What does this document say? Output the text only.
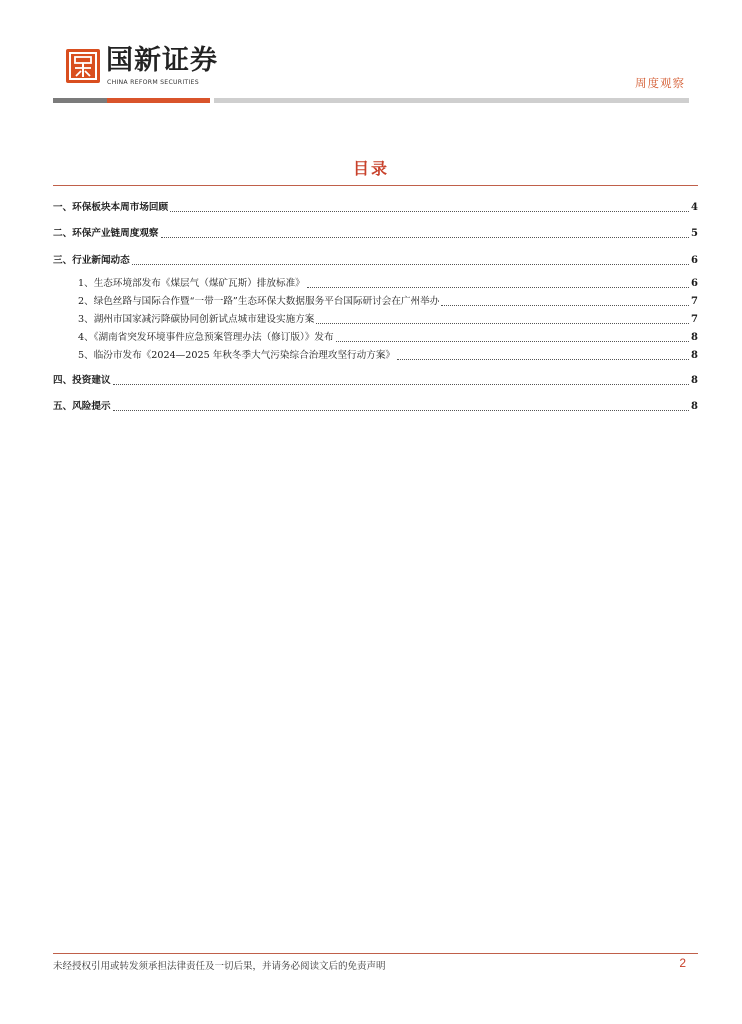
国新证券
CHINA REFORM SECURITIES	周度观察
目录
一、环保板块本周市场回顾	4
二、环保产业链周度观察	5
三、行业新闻动态	6
1、生态环境部发布《煤层气（煤矿瓦斯）排放标准》	6
2、绿色丝路与国际合作暨“一带一路”生态环保大数据服务平台国际研讨会在广州举办	7
3、湖州市国家减污降碳协同创新试点城市建设实施方案	7
4、《湖南省突发环境事件应急预案管理办法（修订版）》发布	8
5、临汾市发布《2024—2025 年秋冬季大气污染综合治理攻坚行动方案》	8
四、投资建议	8
五、风险提示	8
未经授权引用或转发须承担法律责任及一切后果，并请务必阅读文后的免责声明	2
